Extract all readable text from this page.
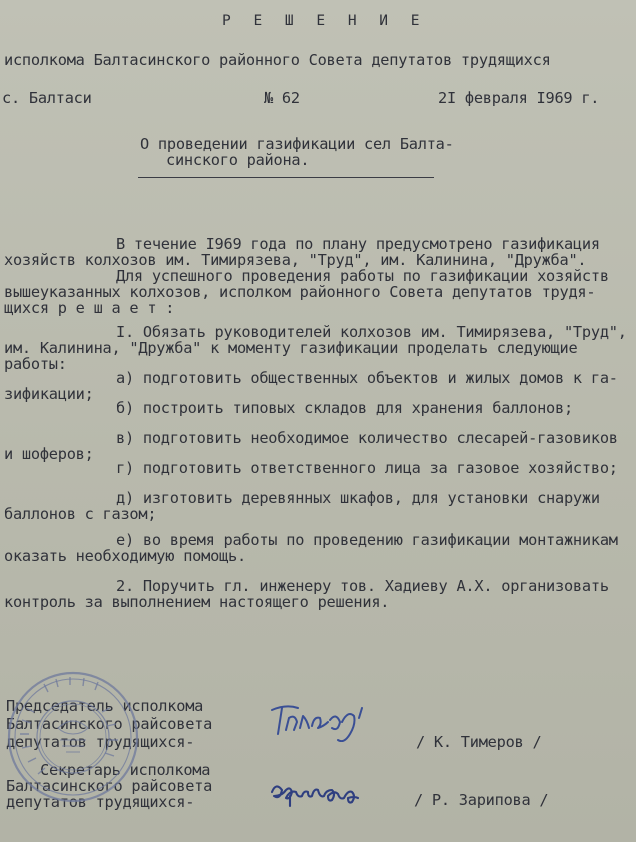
Р Е Ш Е Н И Е
исполкома Балтасинского районного Совета депутатов трудящихся
с. Балтаси	№ 62	2I февраля I969 г.
О проведении газификации сел Балта-
синского района.
В течение I969 года по плану предусмотрено газификация
хозяйств колхозов им. Тимирязева, "Труд", им. Калинина, "Дружба".
Для успешного проведения работы по газификации хозяйств
вышеуказанных колхозов, исполком районного Совета депутатов трудя-
щихся р е ш а е т :
I. Обязать руководителей колхозов им. Тимирязева, "Труд",
им. Калинина, "Дружба" к моменту газификации проделать следующие
работы:
а) подготовить общественных объектов и жилых домов к га-
зификации;
б) построить типовых складов для хранения баллонов;
в) подготовить необходимое количество слесарей-газовиков
и шоферов;
г) подготовить ответственного лица за газовое хозяйство;
д) изготовить деревянных шкафов, для установки снаружи
баллонов с газом;
е) во время работы по проведению газификации монтажникам
оказать необходимую помощь.
2. Поручить гл. инженеру тов. Хадиеву А.Х. организовать
контроль за выполнением настоящего решения.
Председатель исполкома
Балтасинского райсовета
депутатов трудящихся-	/ К. Тимеров /
Секретарь исполкома
Балтасинского райсовета
депутатов трудящихся-	/ Р. Зарипова /
